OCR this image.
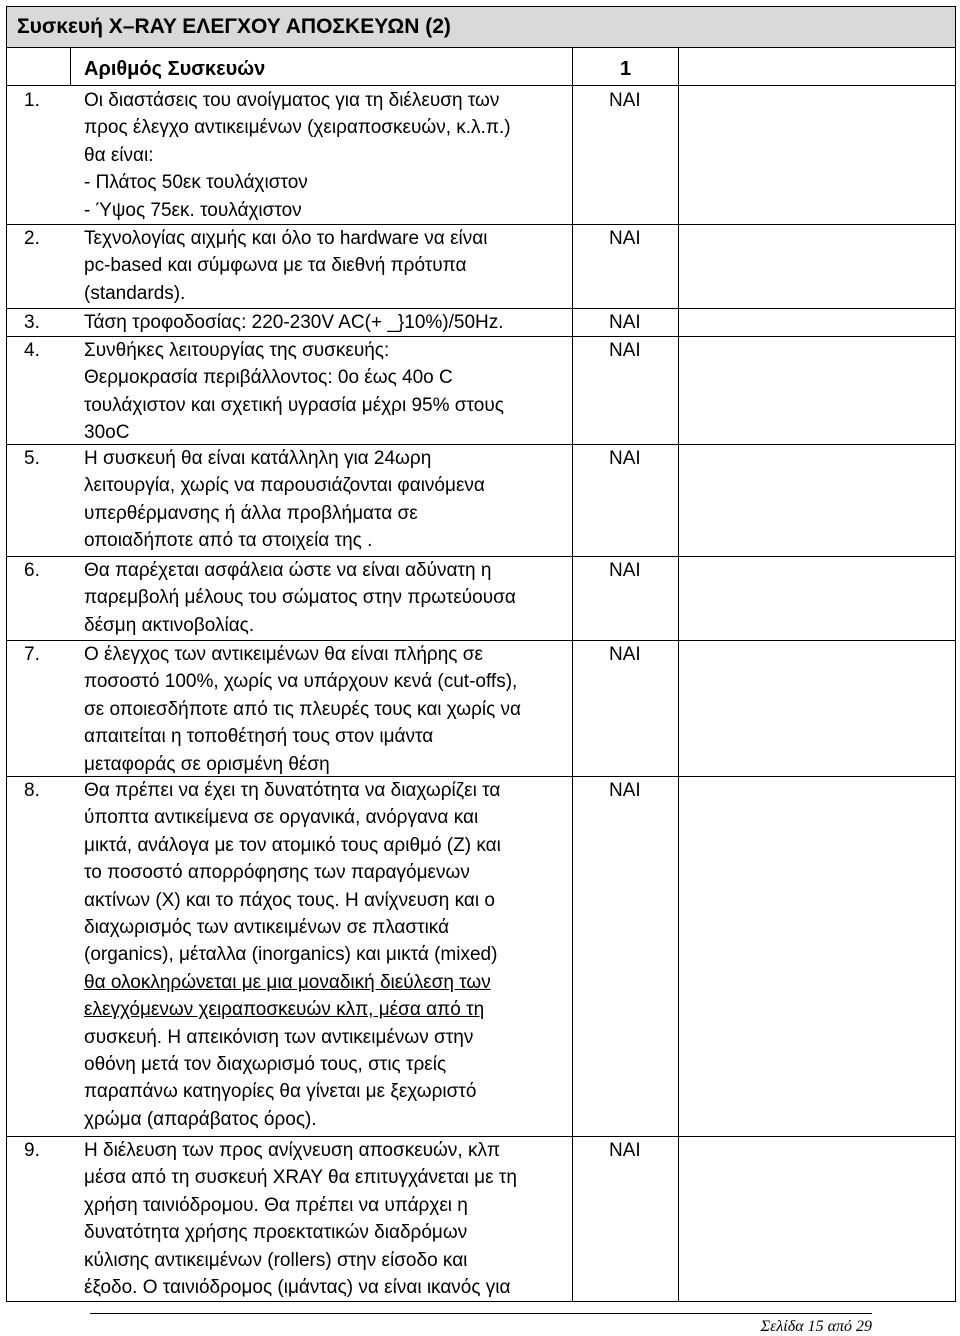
Συσκευή X–RAY ΕΛΕΓΧΟΥ ΑΠΟΣΚΕΥΩΝ (2)
Αριθμός Συσκευών	1
1.	Οι διαστάσεις του ανοίγματος για τη διέλευση των
προς έλεγχο αντικειμένων (χειραποσκευών, κ.λ.π.)
θα είναι:
- Πλάτος 50εκ τουλάχιστον
- Ύψος 75εκ. τουλάχιστον
ΝΑΙ
2.	Τεχνολογίας αιχμής και όλο το hardware να είναι
pc-based και σύμφωνα με τα διεθνή πρότυπα
(standards).
ΝΑΙ
3.	Τάση τροφοδοσίας: 220-230V AC(+ _}10%)/50Hz.	ΝΑΙ
4.	Συνθήκες λειτουργίας της συσκευής:
Θερμοκρασία περιβάλλοντος: 0ο έως 40ο C
τουλάχιστον και σχετική υγρασία μέχρι 95% στους
30οC
ΝΑΙ
5.	Η συσκευή θα είναι κατάλληλη για 24ωρη
λειτουργία, χωρίς να παρουσιάζονται φαινόμενα
υπερθέρμανσης ή άλλα προβλήματα σε
οποιαδήποτε από τα στοιχεία της .
ΝΑΙ
6.	Θα παρέχεται ασφάλεια ώστε να είναι αδύνατη η
παρεμβολή μέλους του σώματος στην πρωτεύουσα
δέσμη ακτινοβολίας.
ΝΑΙ
7.	Ο έλεγχος των αντικειμένων θα είναι πλήρης σε
ποσοστό 100%, χωρίς να υπάρχουν κενά (cut-offs),
σε οποιεσδήποτε από τις πλευρές τους και χωρίς να
απαιτείται η τοποθέτησή τους στον ιμάντα
μεταφοράς σε ορισμένη θέση
ΝΑΙ
8.	Θα πρέπει να έχει τη δυνατότητα να διαχωρίζει τα
ύποπτα αντικείμενα σε οργανικά, ανόργανα και
μικτά, ανάλογα με τον ατομικό τους αριθμό (Z) και
το ποσοστό απορρόφησης των παραγόμενων
ακτίνων (X) και το πάχος τους. Η ανίχνευση και ο
διαχωρισμός των αντικειμένων σε πλαστικά
(organics), μέταλλα (inorganics) και μικτά (mixed)
θα ολοκληρώνεται με μια μοναδική διεύλεση των
ελεγχόμενων χειραποσκευών κλπ, μέσα από τη
συσκευή. Η απεικόνιση των αντικειμένων στην
οθόνη μετά τον διαχωρισμό τους, στις τρείς
παραπάνω κατηγορίες θα γίνεται με ξεχωριστό
χρώμα (απαράβατος όρος).
ΝΑΙ
9.	Η διέλευση των προς ανίχνευση αποσκευών, κλπ
μέσα από τη συσκευή XRAY θα επιτυγχάνεται με τη
χρήση ταινιόδρομου. Θα πρέπει να υπάρχει η
δυνατότητα χρήσης προεκτατικών διαδρόμων
κύλισης αντικειμένων (rollers) στην είσοδο και
έξοδο. Ο ταινιόδρομος (ιμάντας) να είναι ικανός για
ΝΑΙ
Σελίδα 15 από 29
